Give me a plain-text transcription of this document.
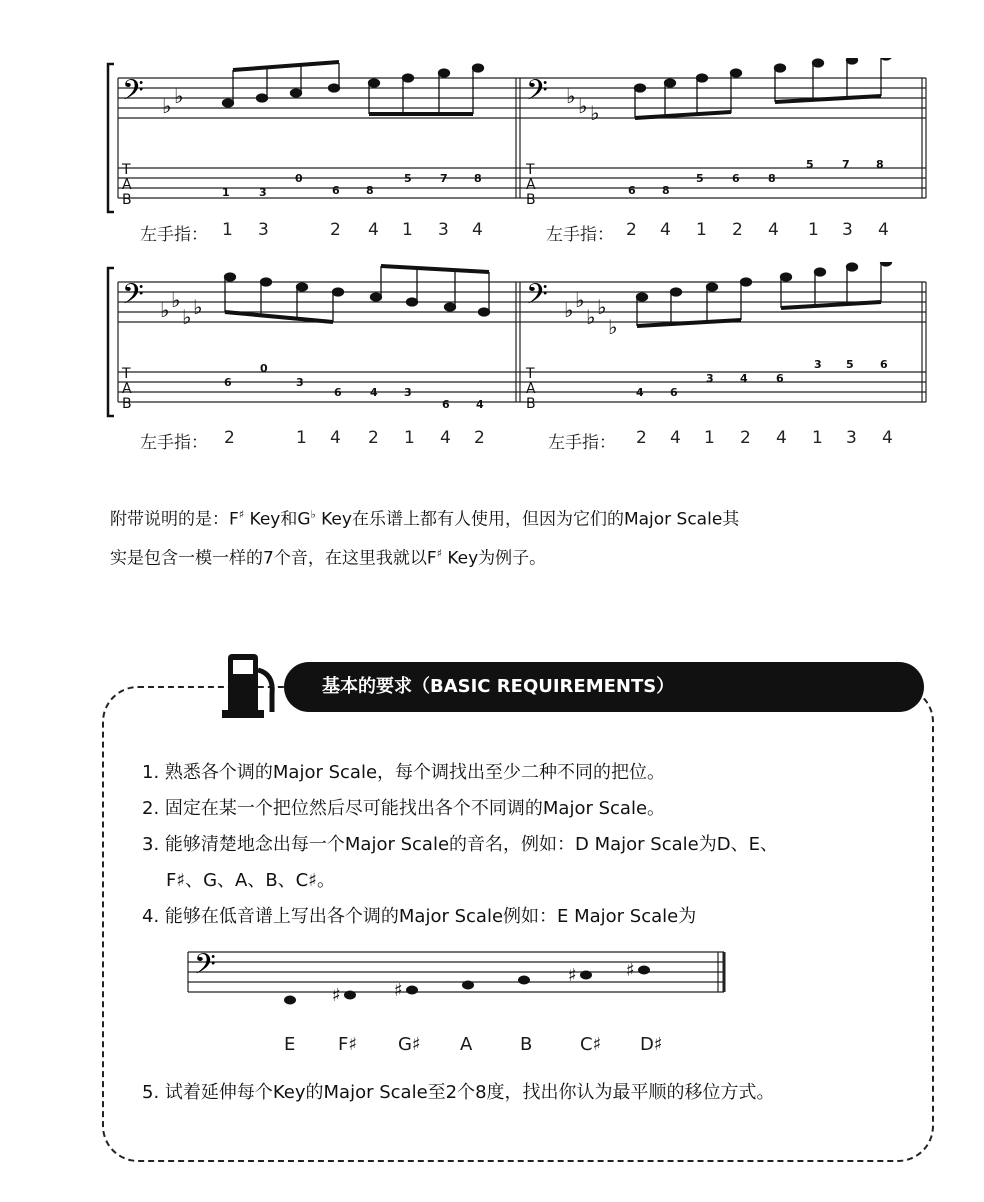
𝄢	𝄢
♭ ♭	♭ ♭ ♭
T
A
B
T
A
B
1	3
0
6 8
5	7 8
6 8
5	6	8
5	7 8
左手指： 1 3	2 4 1 3 4	左手指： 2 4 1 2 4 1 3 4
𝄢	𝄢
♭ ♭
♭ ♭	♭ ♭
♭ ♭
♭
T
A
B
T
A
B
6
0
3
6	4 3
6 4
4 6
3 4	6
3 5 6
左手指： 2	1 4 2 1 4 2	左手指： 2 4 1 2 4 1 3 4
附带说明的是：F♯ Key和G♭ Key在乐谱上都有人使用，但因为它们的Major Scale其
实是包含一模一样的7个音，在这里我就以F♯ Key为例子。
基本的要求（BASIC REQUIREMENTS）
1. 熟悉各个调的Major Scale，每个调找出至少二种不同的把位。
2. 固定在某一个把位然后尽可能找出各个不同调的Major Scale。
3. 能够清楚地念出每一个Major Scale的音名，例如：D Major Scale为D、E、
F♯、G、A、B、C♯。
4. 能够在低音谱上写出各个调的Major Scale例如：E Major Scale为
𝄢
♯	♯
♯	♯
E F♯ G♯ A	B	C♯ D♯
5. 试着延伸每个Key的Major Scale至2个8度，找出你认为最平顺的移位方式。
